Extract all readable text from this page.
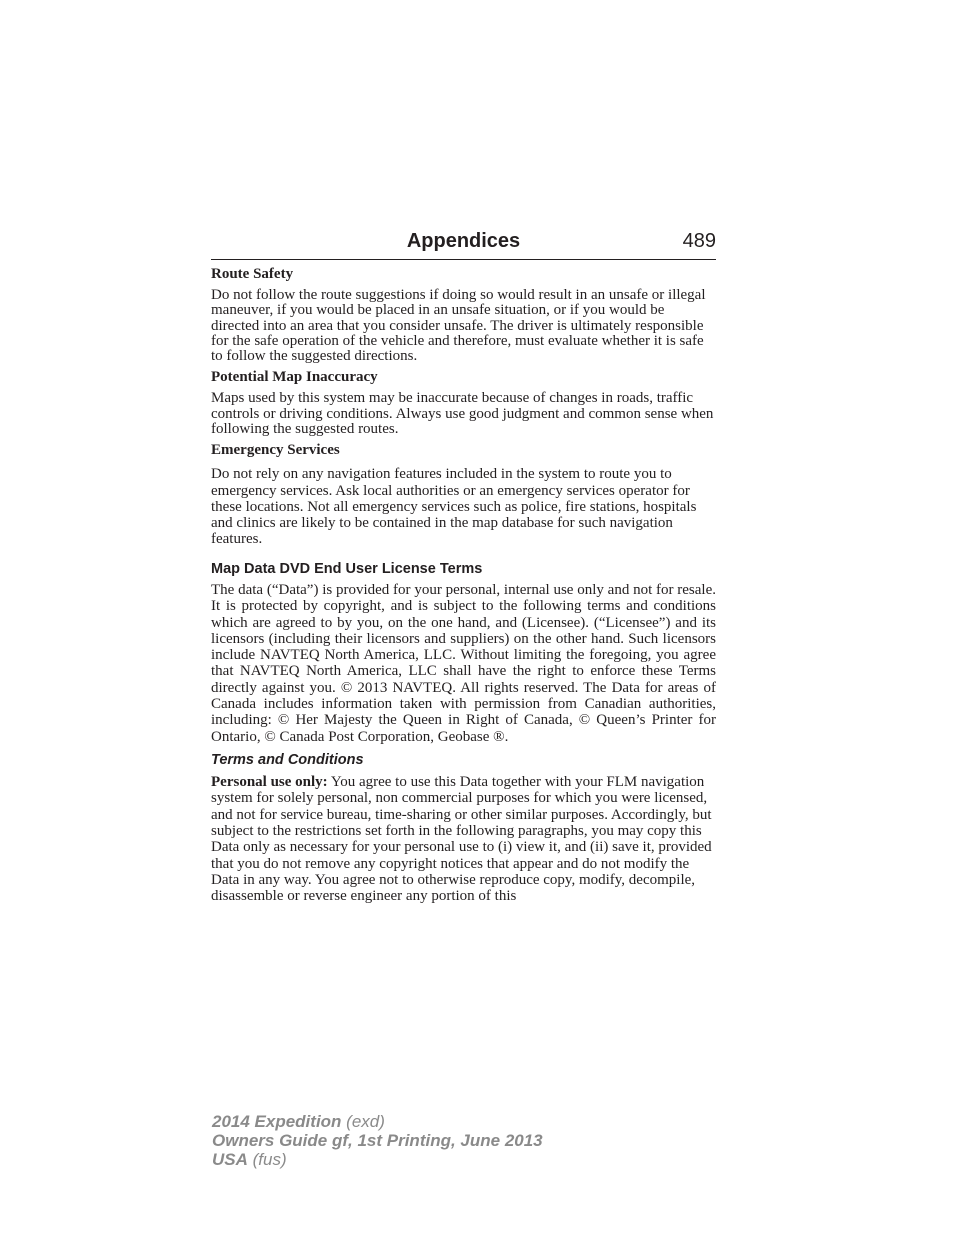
Appendices	489

Route Safety

Do not follow the route suggestions if doing so would result in an unsafe or illegal maneuver, if you would be placed in an unsafe situation, or if you would be directed into an area that you consider unsafe. The driver is ultimately responsible for the safe operation of the vehicle and therefore, must evaluate whether it is safe to follow the suggested directions.

Potential Map Inaccuracy

Maps used by this system may be inaccurate because of changes in roads, traffic controls or driving conditions. Always use good judgment and common sense when following the suggested routes.

Emergency Services

Do not rely on any navigation features included in the system to route you to emergency services. Ask local authorities or an emergency services operator for these locations. Not all emergency services such as police, fire stations, hospitals and clinics are likely to be contained in the map database for such navigation features.

Map Data DVD End User License Terms

The data (“Data”) is provided for your personal, internal use only and not for resale. It is protected by copyright, and is subject to the following terms and conditions which are agreed to by you, on the one hand, and (Licensee). (“Licensee”) and its licensors (including their licensors and suppliers) on the other hand. Such licensors include NAVTEQ North America, LLC. Without limiting the foregoing, you agree that NAVTEQ North America, LLC shall have the right to enforce these Terms directly against you. © 2013 NAVTEQ. All rights reserved. The Data for areas of Canada includes information taken with permission from Canadian authorities, including: © Her Majesty the Queen in Right of Canada, © Queen’s Printer for Ontario, © Canada Post Corporation, Geobase ®.

Terms and Conditions

Personal use only: You agree to use this Data together with your FLM navigation system for solely personal, non commercial purposes for which you were licensed, and not for service bureau, time-sharing or other similar purposes. Accordingly, but subject to the restrictions set forth in the following paragraphs, you may copy this Data only as necessary for your personal use to (i) view it, and (ii) save it, provided that you do not remove any copyright notices that appear and do not modify the Data in any way. You agree not to otherwise reproduce copy, modify, decompile, disassemble or reverse engineer any portion of this

2014 Expedition (exd)
Owners Guide gf, 1st Printing, June 2013
USA (fus)
